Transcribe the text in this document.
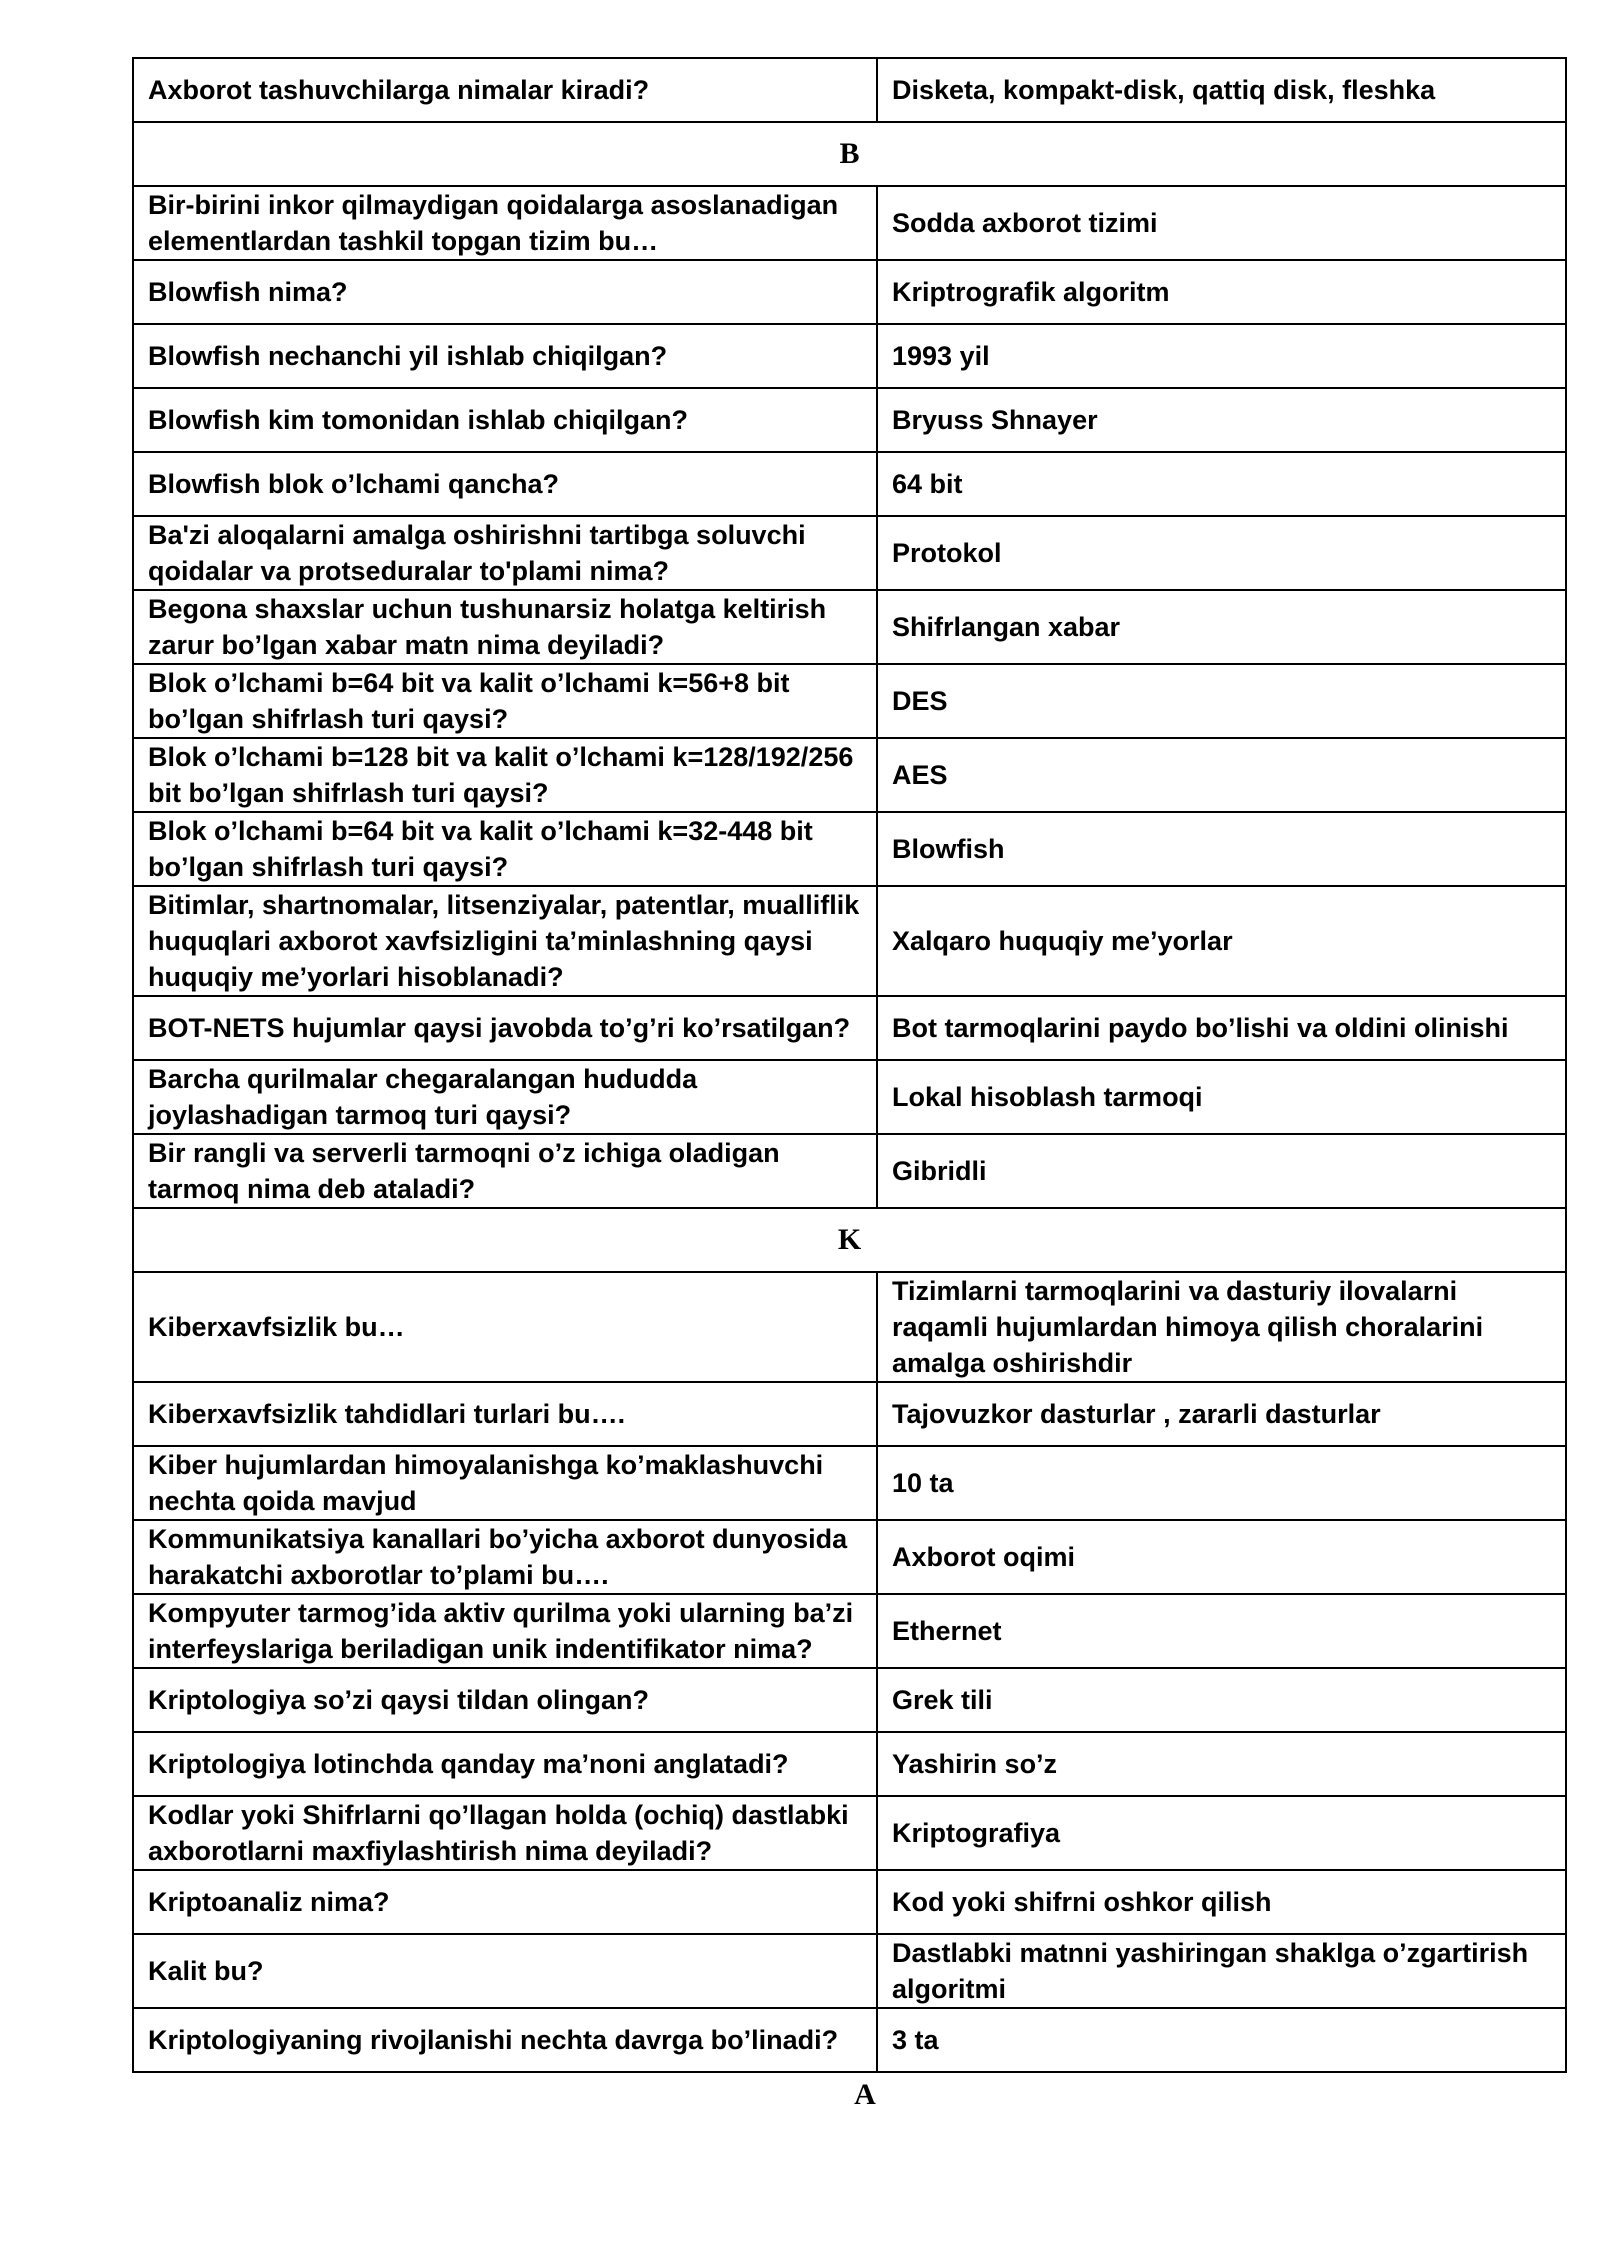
Axborot tashuvchilarga nimalar kiradi?	Disketa, kompakt-disk, qattiq disk, fleshka
B	
Bir-birini inkor qilmaydigan qoidalarga asoslanadigan elementlardan tashkil topgan tizim bu…	Sodda axborot tizimi
Blowfish nima?	Kriptrografik algoritm
Blowfish nechanchi yil ishlab chiqilgan?	1993 yil
Blowfish kim tomonidan ishlab chiqilgan?	Bryuss Shnayer
Blowfish blok o’lchami qancha?	64 bit
Ba'zi aloqalarni amalga oshirishni tartibga soluvchi qoidalar va protseduralar to'plami nima?	Protokol
Begona shaxslar uchun tushunarsiz holatga keltirish zarur bo’lgan xabar matn nima deyiladi?	Shifrlangan xabar
Blok o’lchami b=64 bit va kalit o’lchami k=56+8 bit bo’lgan shifrlash turi qaysi?	DES
Blok o’lchami b=128 bit va kalit o’lchami k=128/192/256 bit bo’lgan shifrlash turi qaysi?	AES
Blok o’lchami b=64 bit va kalit o’lchami k=32-448 bit bo’lgan shifrlash turi qaysi?	Blowfish
Bitimlar, shartnomalar, litsenziyalar, patentlar, mualliflik huquqlari axborot xavfsizligini ta’minlashning qaysi huquqiy me’yorlari hisoblanadi?	Xalqaro huquqiy me’yorlar
BOT-NETS hujumlar qaysi javobda to’g’ri ko’rsatilgan?	Bot tarmoqlarini paydo bo’lishi va oldini olinishi
Barcha qurilmalar chegaralangan hududda joylashadigan tarmoq turi qaysi?	Lokal hisoblash tarmoqi
Bir rangli va serverli tarmoqni o’z ichiga oladigan tarmoq nima deb ataladi?	Gibridli
K	
Kiberxavfsizlik bu…	Tizimlarni tarmoqlarini va dasturiy ilovalarni raqamli hujumlardan himoya qilish choralarini amalga oshirishdir
Kiberxavfsizlik tahdidlari turlari bu….	Tajovuzkor dasturlar , zararli dasturlar
Kiber hujumlardan himoyalanishga ko’maklashuvchi nechta qoida mavjud	10 ta
Kommunikatsiya kanallari bo’yicha axborot dunyosida harakatchi axborotlar to’plami bu….	Axborot oqimi
Kompyuter tarmog’ida aktiv qurilma yoki ularning ba’zi interfeyslariga beriladigan unik indentifikator nima?	Ethernet
Kriptologiya so’zi qaysi tildan olingan?	Grek tili
Kriptologiya lotinchda qanday ma’noni anglatadi?	Yashirin so’z
Kodlar yoki Shifrlarni qo’llagan holda (ochiq) dastlabki axborotlarni maxfiylashtirish nima deyiladi?	Kriptografiya
Kriptoanaliz nima?	Kod yoki shifrni oshkor qilish
Kalit bu?	Dastlabki matnni yashiringan shaklga o’zgartirish algoritmi
Kriptologiyaning rivojlanishi nechta davrga bo’linadi?	3 ta
A
